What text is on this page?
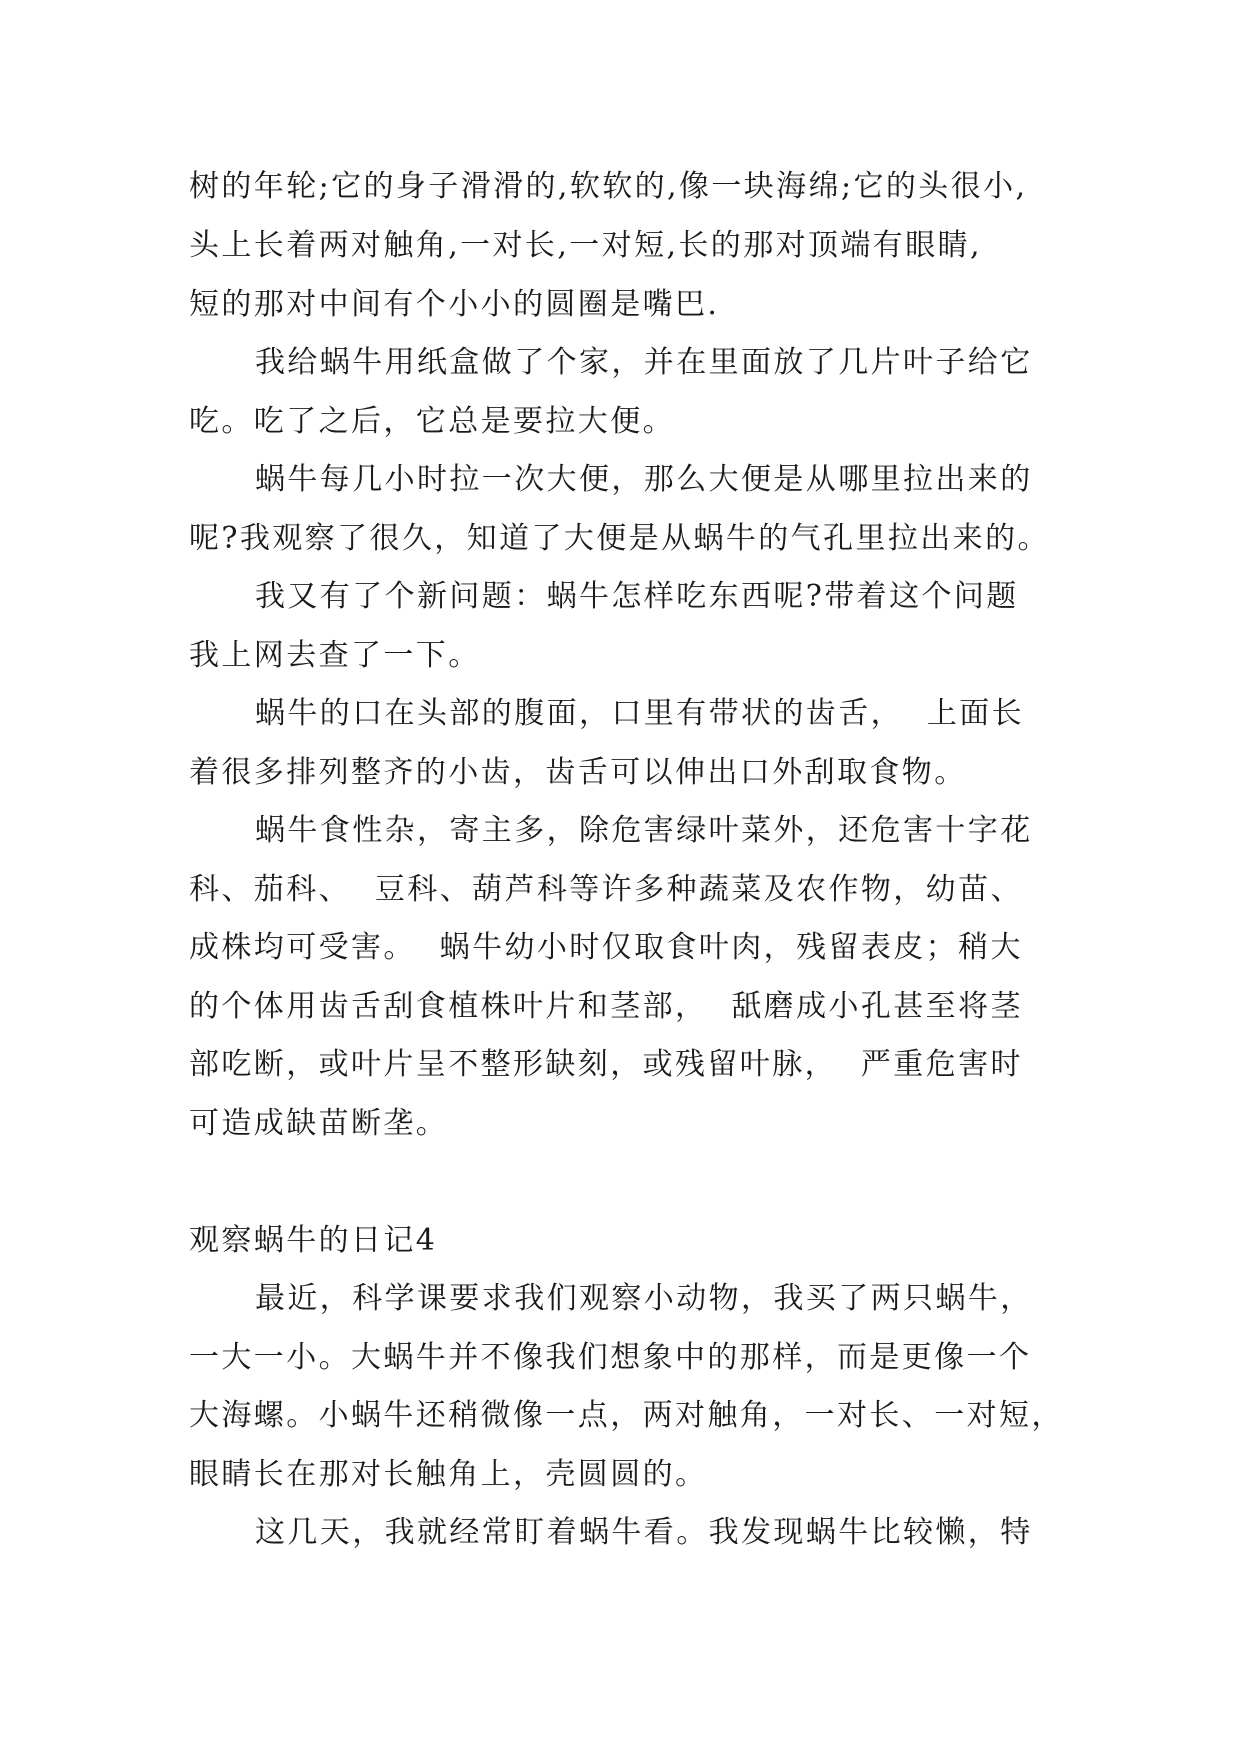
树的年轮;它的身子滑滑的,软软的,像一块海绵;它的头很小,
头上长着两对触角,一对长,一对短,长的那对顶端有眼睛,
短的那对中间有个小小的圆圈是嘴巴.
我给蜗牛用纸盒做了个家，并在里面放了几片叶子给它
吃。吃了之后，它总是要拉大便。
蜗牛每几小时拉一次大便，那么大便是从哪里拉出来的
呢?我观察了很久，知道了大便是从蜗牛的气孔里拉出来的。
我又有了个新问题：蜗牛怎样吃东西呢?带着这个问题
我上网去查了一下。
蜗牛的口在头部的腹面，口里有带状的齿舌，  上面长
着很多排列整齐的小齿，齿舌可以伸出口外刮取食物。
蜗牛食性杂，寄主多，除危害绿叶菜外，还危害十字花
科、茄科、  豆科、葫芦科等许多种蔬菜及农作物，幼苗、
成株均可受害。  蜗牛幼小时仅取食叶肉，残留表皮；稍大
的个体用齿舌刮食植株叶片和茎部，  舐磨成小孔甚至将茎
部吃断，或叶片呈不整形缺刻，或残留叶脉，  严重危害时
可造成缺苗断垄。
观察蜗牛的日记4
最近，科学课要求我们观察小动物，我买了两只蜗牛，
一大一小。大蜗牛并不像我们想象中的那样，而是更像一个
大海螺。小蜗牛还稍微像一点，两对触角，一对长、一对短，
眼睛长在那对长触角上，壳圆圆的。
这几天，我就经常盯着蜗牛看。我发现蜗牛比较懒，特
